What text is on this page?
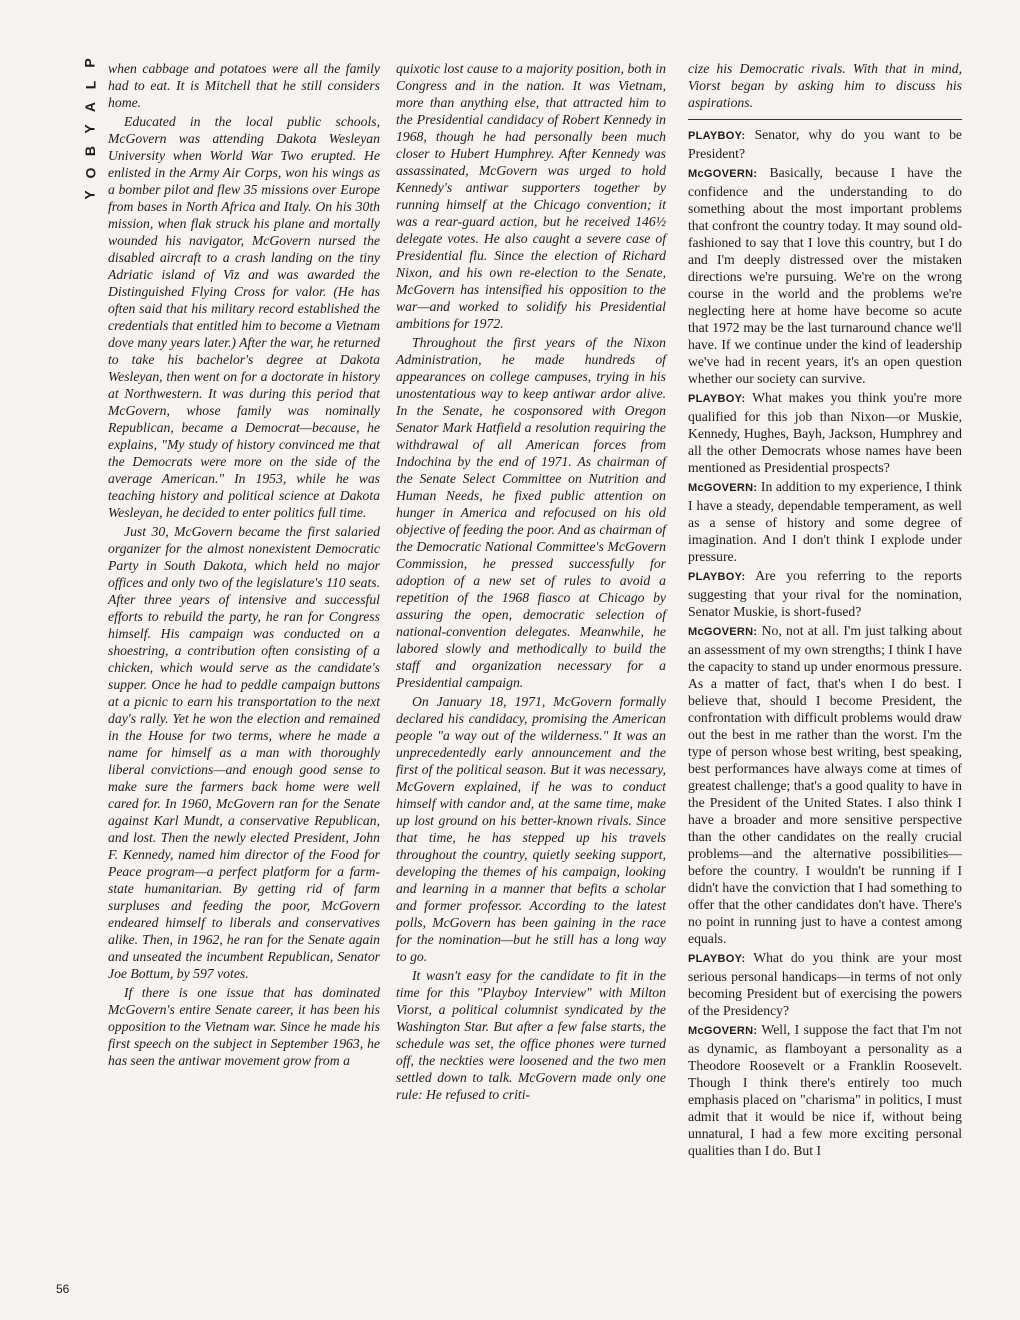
P
L
A
Y
B
O
Y

when cabbage and potatoes were all the family had to eat. It is Mitchell that he still considers home.

Educated in the local public schools, McGovern was attending Dakota Wesleyan University when World War Two erupted. He enlisted in the Army Air Corps, won his wings as a bomber pilot and flew 35 missions over Europe from bases in North Africa and Italy. On his 30th mission, when flak struck his plane and mortally wounded his navigator, McGovern nursed the disabled aircraft to a crash landing on the tiny Adriatic island of Viz and was awarded the Distinguished Flying Cross for valor. (He has often said that his military record established the credentials that entitled him to become a Vietnam dove many years later.) After the war, he returned to take his bachelor's degree at Dakota Wesleyan, then went on for a doctorate in history at Northwestern. It was during this period that McGovern, whose family was nominally Republican, became a Democrat—because, he explains, "My study of history convinced me that the Democrats were more on the side of the average American." In 1953, while he was teaching history and political science at Dakota Wesleyan, he decided to enter politics full time.

Just 30, McGovern became the first salaried organizer for the almost nonexistent Democratic Party in South Dakota, which held no major offices and only two of the legislature's 110 seats. After three years of intensive and successful efforts to rebuild the party, he ran for Congress himself. His campaign was conducted on a shoestring, a contribution often consisting of a chicken, which would serve as the candidate's supper. Once he had to peddle campaign buttons at a picnic to earn his transportation to the next day's rally. Yet he won the election and remained in the House for two terms, where he made a name for himself as a man with thoroughly liberal convictions—and enough good sense to make sure the farmers back home were well cared for. In 1960, McGovern ran for the Senate against Karl Mundt, a conservative Republican, and lost. Then the newly elected President, John F. Kennedy, named him director of the Food for Peace program—a perfect platform for a farm-state humanitarian. By getting rid of farm surpluses and feeding the poor, McGovern endeared himself to liberals and conservatives alike. Then, in 1962, he ran for the Senate again and unseated the incumbent Republican, Senator Joe Bottum, by 597 votes.

If there is one issue that has dominated McGovern's entire Senate career, it has been his opposition to the Vietnam war. Since he made his first speech on the subject in September 1963, he has seen the antiwar movement grow from a

quixotic lost cause to a majority position, both in Congress and in the nation. It was Vietnam, more than anything else, that attracted him to the Presidential candidacy of Robert Kennedy in 1968, though he had personally been much closer to Hubert Humphrey. After Kennedy was assassinated, McGovern was urged to hold Kennedy's antiwar supporters together by running himself at the Chicago convention; it was a rear-guard action, but he received 146½ delegate votes. He also caught a severe case of Presidential flu. Since the election of Richard Nixon, and his own re-election to the Senate, McGovern has intensified his opposition to the war—and worked to solidify his Presidential ambitions for 1972.

Throughout the first years of the Nixon Administration, he made hundreds of appearances on college campuses, trying in his unostentatious way to keep antiwar ardor alive. In the Senate, he cosponsored with Oregon Senator Mark Hatfield a resolution requiring the withdrawal of all American forces from Indochina by the end of 1971. As chairman of the Senate Select Committee on Nutrition and Human Needs, he fixed public attention on hunger in America and refocused on his old objective of feeding the poor. And as chairman of the Democratic National Committee's McGovern Commission, he pressed successfully for adoption of a new set of rules to avoid a repetition of the 1968 fiasco at Chicago by assuring the open, democratic selection of national-convention delegates. Meanwhile, he labored slowly and methodically to build the staff and organization necessary for a Presidential campaign.

On January 18, 1971, McGovern formally declared his candidacy, promising the American people "a way out of the wilderness." It was an unprecedentedly early announcement and the first of the political season. But it was necessary, McGovern explained, if he was to conduct himself with candor and, at the same time, make up lost ground on his better-known rivals. Since that time, he has stepped up his travels throughout the country, quietly seeking support, developing the themes of his campaign, looking and learning in a manner that befits a scholar and former professor. According to the latest polls, McGovern has been gaining in the race for the nomination—but he still has a long way to go.

It wasn't easy for the candidate to fit in the time for this "Playboy Interview" with Milton Viorst, a political columnist syndicated by the Washington Star. But after a few false starts, the schedule was set, the office phones were turned off, the neckties were loosened and the two men settled down to talk. McGovern made only one rule: He refused to criti-

cize his Democratic rivals. With that in mind, Viorst began by asking him to discuss his aspirations.

PLAYBOY: Senator, why do you want to be President?

McGOVERN: Basically, because I have the confidence and the understanding to do something about the most important problems that confront the country today. It may sound old-fashioned to say that I love this country, but I do and I'm deeply distressed over the mistaken directions we're pursuing. We're on the wrong course in the world and the problems we're neglecting here at home have become so acute that 1972 may be the last turnaround chance we'll have. If we continue under the kind of leadership we've had in recent years, it's an open question whether our society can survive.

PLAYBOY: What makes you think you're more qualified for this job than Nixon—or Muskie, Kennedy, Hughes, Bayh, Jackson, Humphrey and all the other Democrats whose names have been mentioned as Presidential prospects?

McGOVERN: In addition to my experience, I think I have a steady, dependable temperament, as well as a sense of history and some degree of imagination. And I don't think I explode under pressure.

PLAYBOY: Are you referring to the reports suggesting that your rival for the nomination, Senator Muskie, is short-fused?

McGOVERN: No, not at all. I'm just talking about an assessment of my own strengths; I think I have the capacity to stand up under enormous pressure. As a matter of fact, that's when I do best. I believe that, should I become President, the confrontation with difficult problems would draw out the best in me rather than the worst. I'm the type of person whose best writing, best speaking, best performances have always come at times of greatest challenge; that's a good quality to have in the President of the United States. I also think I have a broader and more sensitive perspective than the other candidates on the really crucial problems—and the alternative possibilities—before the country. I wouldn't be running if I didn't have the conviction that I had something to offer that the other candidates don't have. There's no point in running just to have a contest among equals.

PLAYBOY: What do you think are your most serious personal handicaps—in terms of not only becoming President but of exercising the powers of the Presidency?

McGOVERN: Well, I suppose the fact that I'm not as dynamic, as flamboyant a personality as a Theodore Roosevelt or a Franklin Roosevelt. Though I think there's entirely too much emphasis placed on "charisma" in politics, I must admit that it would be nice if, without being unnatural, I had a few more exciting personal qualities than I do. But I

56
